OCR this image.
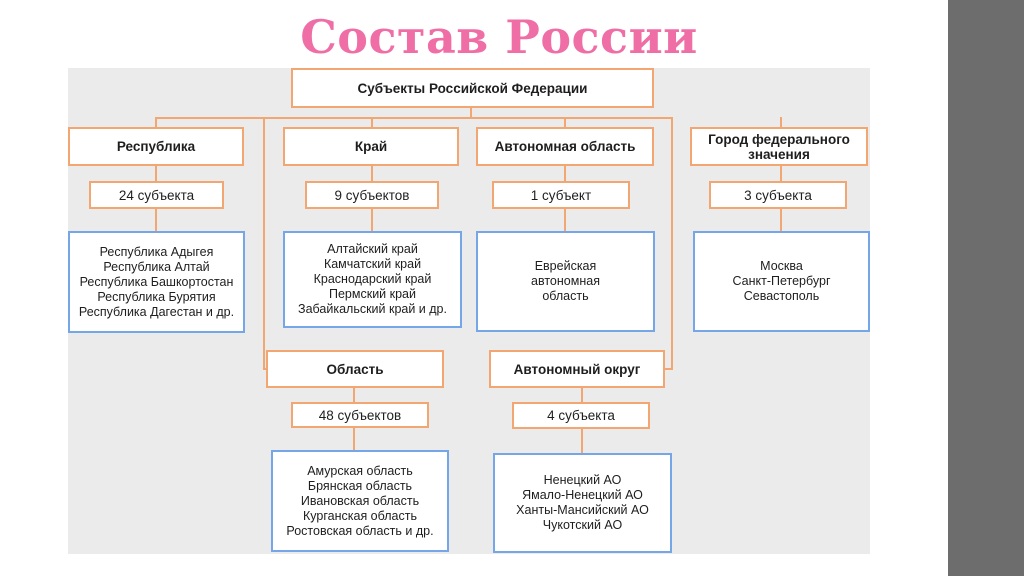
Состав России
Субъекты Российской Федерации
Республика
24 субъекта
Республика Адыгея
Республика Алтай
Республика Башкортостан
Республика Бурятия
Республика Дагестан и др.
Край
9 субъектов
Алтайский край
Камчатский край
Краснодарский край
Пермский край
Забайкальский край и др.
Автономная область
1 субъект
Еврейская
автономная
область
Город федерального значения
3 субъекта
Москва
Санкт-Петербург
Севастополь
Область
48 субъектов
Амурская область
Брянская область
Ивановская область
Курганская область
Ростовская область и др.
Автономный округ
4 субъекта
Ненецкий АО
Ямало-Ненецкий АО
Ханты-Мансийский АО
Чукотский АО
